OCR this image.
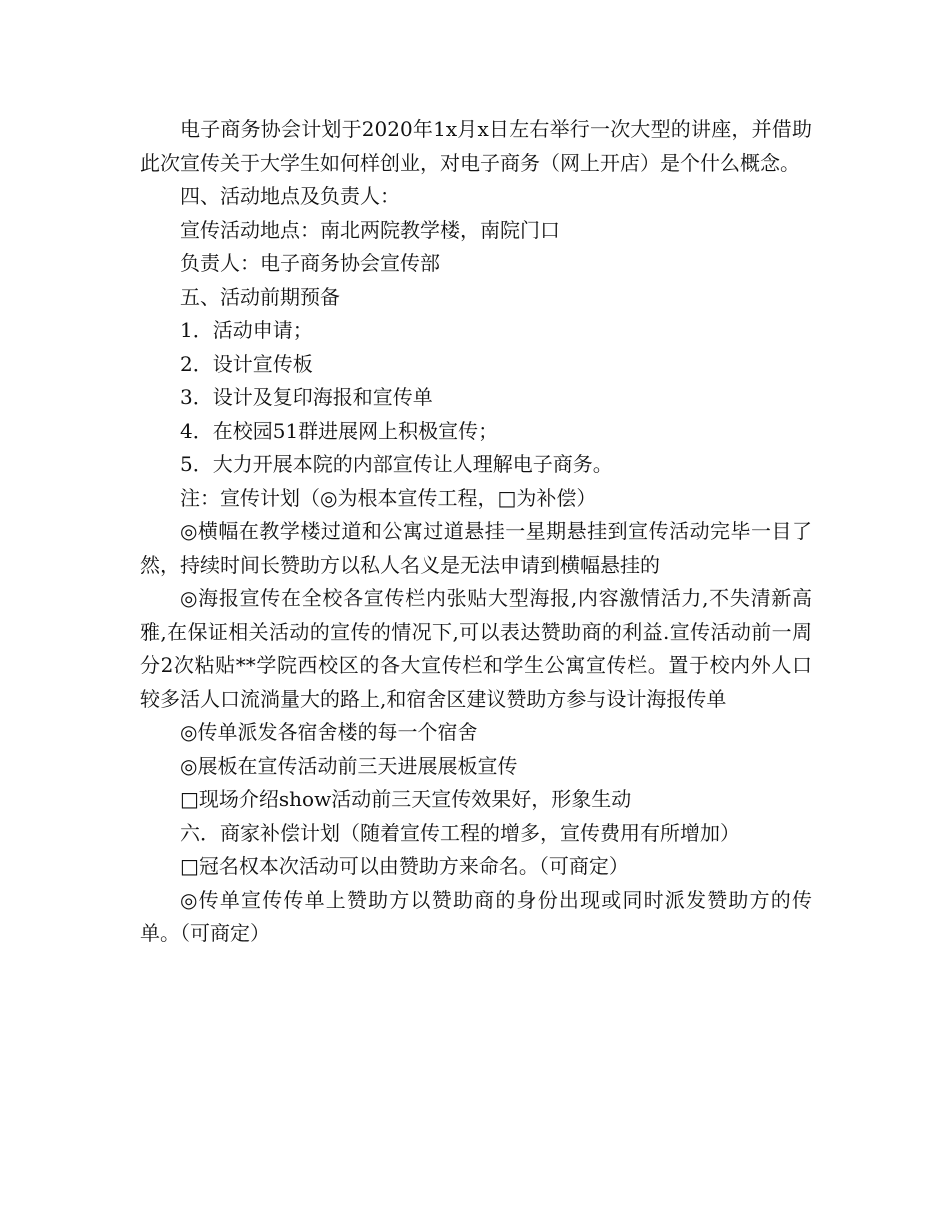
电子商务协会计划于2020年1x月x日左右举行一次大型的讲座，并借助此次宣传关于大学生如何样创业，对电子商务（网上开店）是个什么概念。

四、活动地点及负责人：

宣传活动地点：南北两院教学楼，南院门口

负责人：电子商务协会宣传部

五、活动前期预备

1．活动申请；

2．设计宣传板

3．设计及复印海报和宣传单

4．在校园51群进展网上积极宣传；

5．大力开展本院的内部宣传让人理解电子商务。

注：宣传计划（◎为根本宣传工程，□为补偿）

◎横幅在教学楼过道和公寓过道悬挂一星期悬挂到宣传活动完毕一目了然，持续时间长赞助方以私人名义是无法申请到横幅悬挂的

◎海报宣传在全校各宣传栏内张贴大型海报,内容激情活力,不失清新高雅,在保证相关活动的宣传的情况下,可以表达赞助商的利益.宣传活动前一周分2次粘贴**学院西校区的各大宣传栏和学生公寓宣传栏。置于校内外人口较多活人口流淌量大的路上,和宿舍区建议赞助方参与设计海报传单

◎传单派发各宿舍楼的每一个宿舍

◎展板在宣传活动前三天进展展板宣传

□现场介绍show活动前三天宣传效果好，形象生动

六．商家补偿计划（随着宣传工程的增多，宣传费用有所增加）

□冠名权本次活动可以由赞助方来命名。（可商定）

◎传单宣传传单上赞助方以赞助商的身份出现或同时派发赞助方的传单。（可商定）
